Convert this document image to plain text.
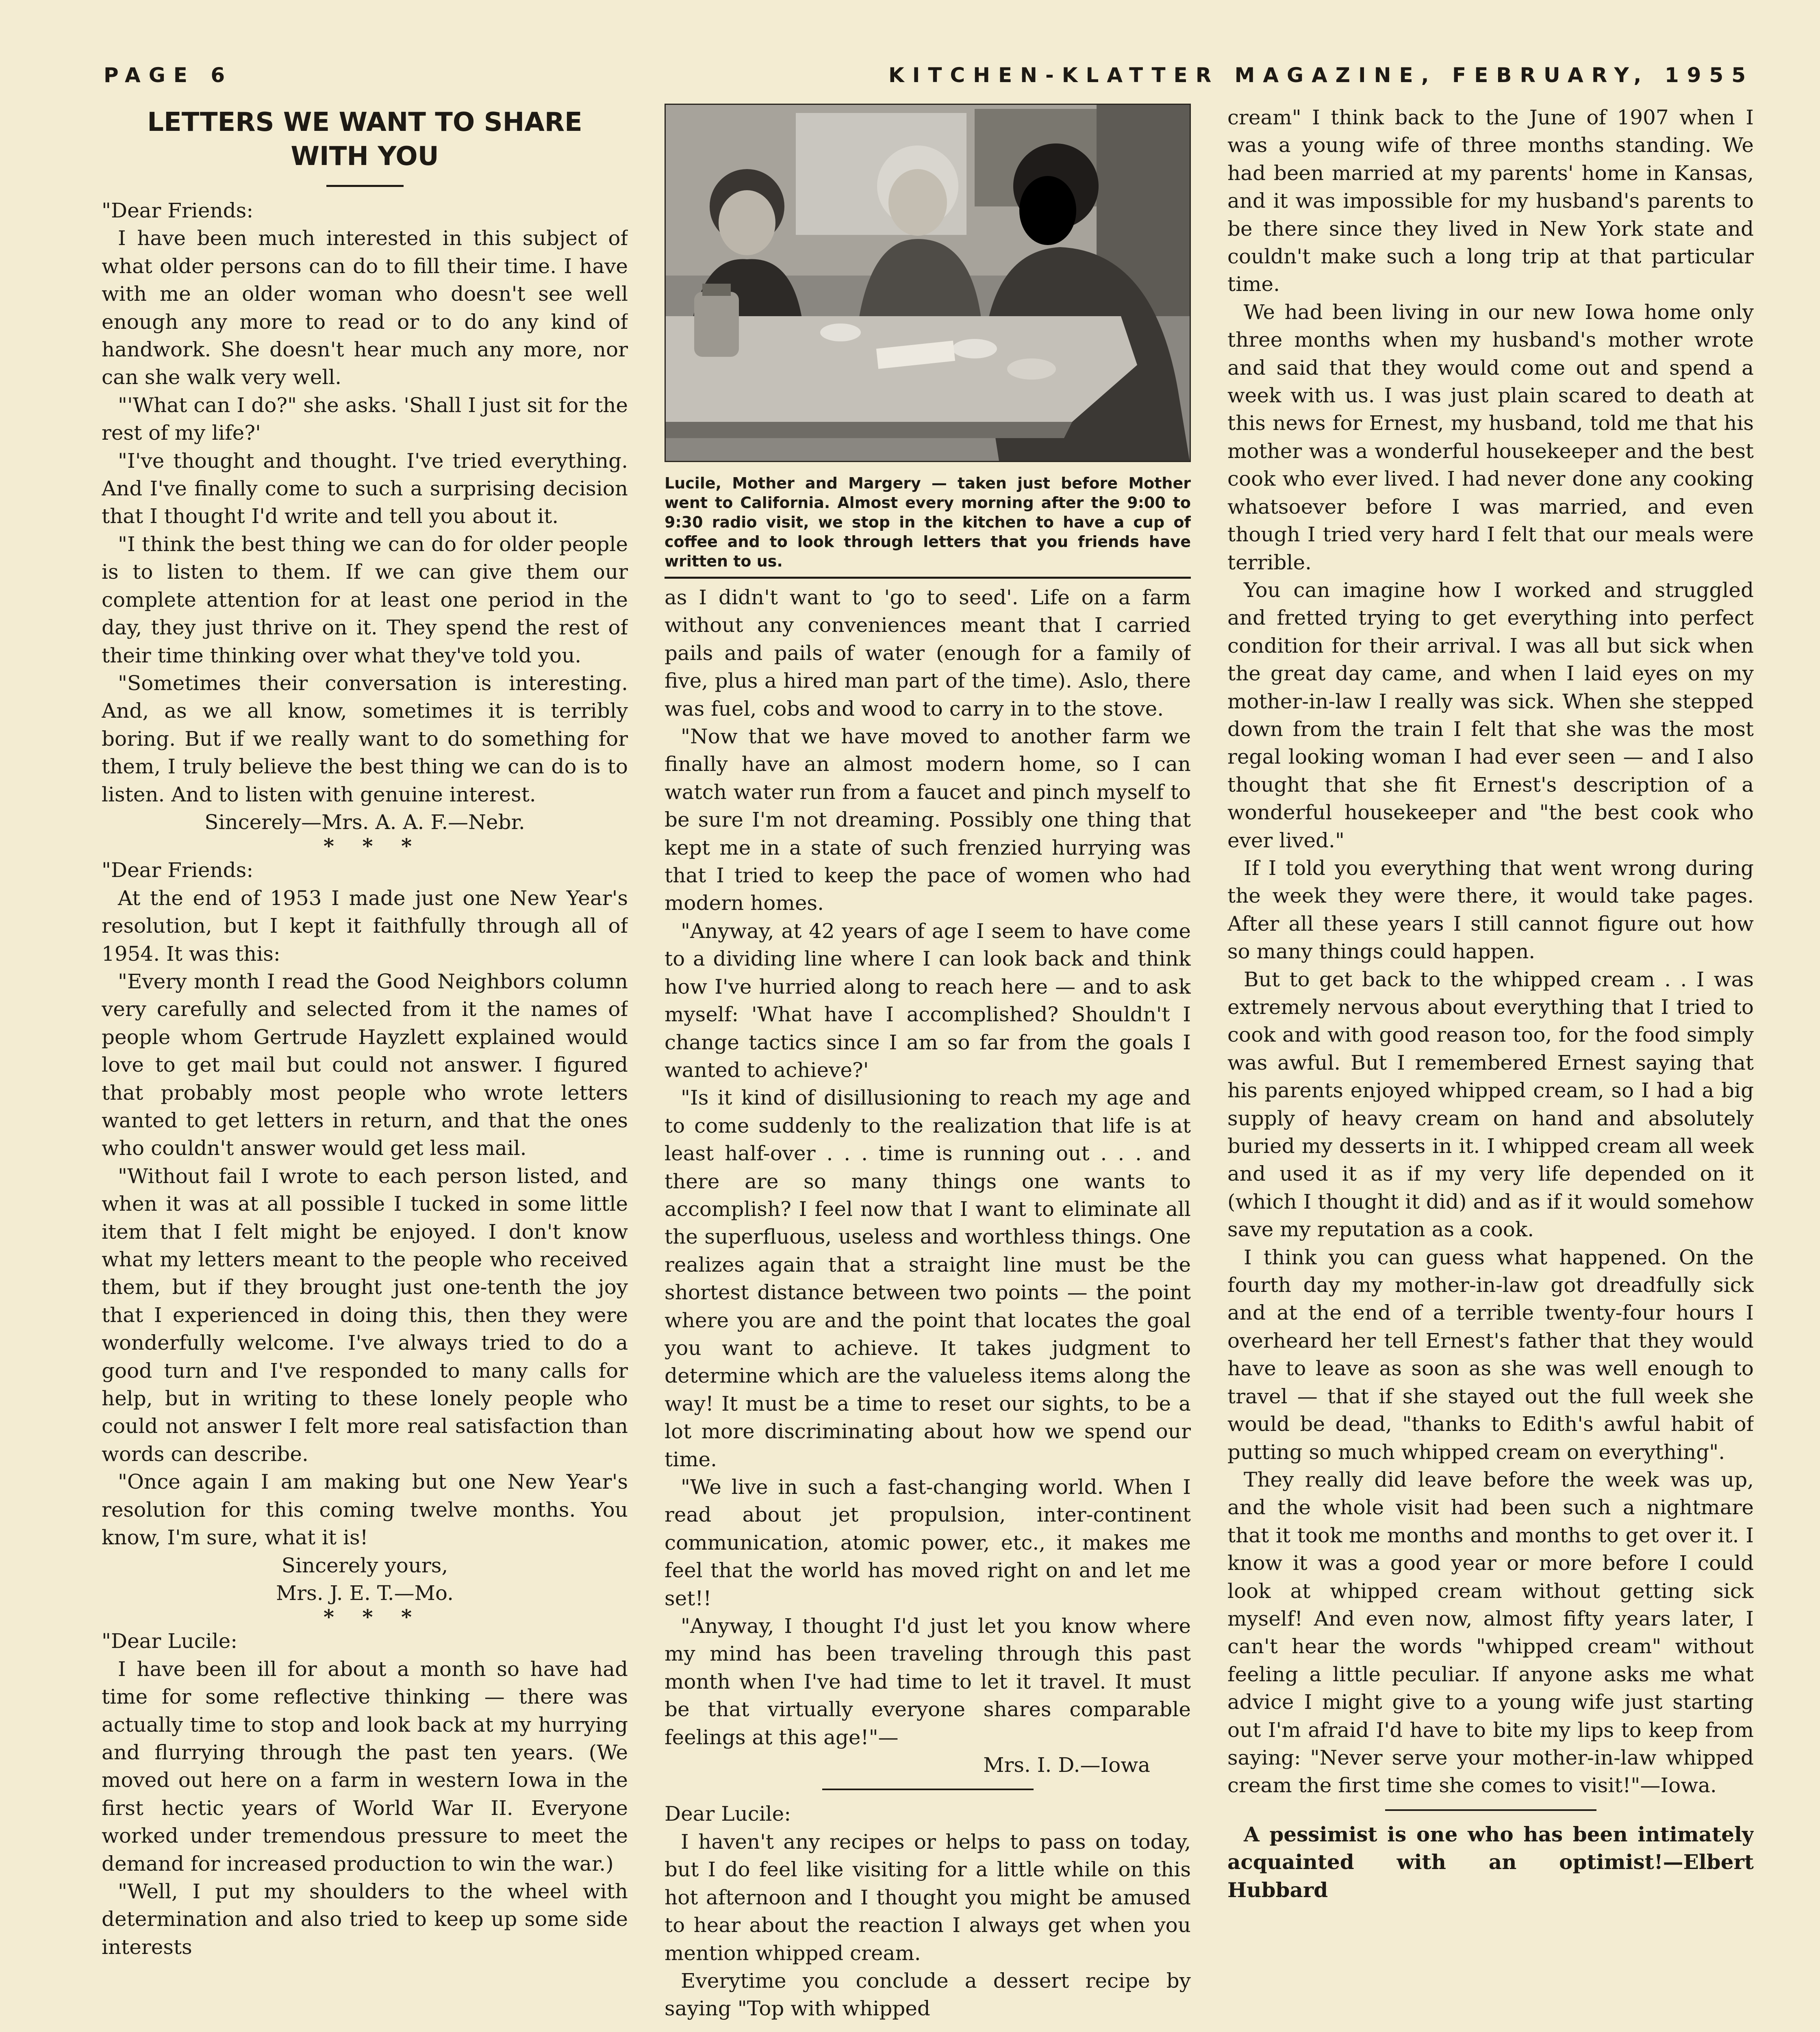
PAGE 6	KITCHEN-KLATTER MAGAZINE, FEBRUARY, 1955
LETTERS WE WANT TO SHARE
WITH YOU

"Dear Friends:

I have been much interested in this subject of what older persons can do to fill their time. I have with me an older woman who doesn't see well enough any more to read or to do any kind of handwork. She doesn't hear much any more, nor can she walk very well.

"'What can I do?" she asks. 'Shall I just sit for the rest of my life?'

"I've thought and thought. I've tried everything. And I've finally come to such a surprising decision that I thought I'd write and tell you about it.

"I think the best thing we can do for older people is to listen to them. If we can give them our complete attention for at least one period in the day, they just thrive on it. They spend the rest of their time thinking over what they've told you.

"Sometimes their conversation is interesting. And, as we all know, sometimes it is terribly boring. But if we really want to do something for them, I truly believe the best thing we can do is to listen. And to listen with genuine interest.

Sincerely—Mrs. A. A. F.—Nebr.

* * *

"Dear Friends:

At the end of 1953 I made just one New Year's resolution, but I kept it faithfully through all of 1954. It was this:

"Every month I read the Good Neighbors column very carefully and selected from it the names of people whom Gertrude Hayzlett explained would love to get mail but could not answer. I figured that probably most people who wrote letters wanted to get letters in return, and that the ones who couldn't answer would get less mail.

"Without fail I wrote to each person listed, and when it was at all possible I tucked in some little item that I felt might be enjoyed. I don't know what my letters meant to the people who received them, but if they brought just one-tenth the joy that I experienced in doing this, then they were wonderfully welcome. I've always tried to do a good turn and I've responded to many calls for help, but in writing to these lonely people who could not answer I felt more real satisfaction than words can describe.

"Once again I am making but one New Year's resolution for this coming twelve months. You know, I'm sure, what it is!

Sincerely yours,

Mrs. J. E. T.—Mo.

* * *

"Dear Lucile:

I have been ill for about a month so have had time for some reflective thinking — there was actually time to stop and look back at my hurrying and flurrying through the past ten years. (We moved out here on a farm in western Iowa in the first hectic years of World War II. Everyone worked under tremendous pressure to meet the demand for increased production to win the war.)

"Well, I put my shoulders to the wheel with determination and also tried to keep up some side interests

Lucile, Mother and Margery — taken just before Mother went to California. Almost every morning after the 9:00 to 9:30 radio visit, we stop in the kitchen to have a cup of coffee and to look through letters that you friends have written to us.

as I didn't want to 'go to seed'. Life on a farm without any conveniences meant that I carried pails and pails of water (enough for a family of five, plus a hired man part of the time). Aslo, there was fuel, cobs and wood to carry in to the stove.

"Now that we have moved to another farm we finally have an almost modern home, so I can watch water run from a faucet and pinch myself to be sure I'm not dreaming. Possibly one thing that kept me in a state of such frenzied hurrying was that I tried to keep the pace of women who had modern homes.

"Anyway, at 42 years of age I seem to have come to a dividing line where I can look back and think how I've hurried along to reach here — and to ask myself: 'What have I accomplished? Shouldn't I change tactics since I am so far from the goals I wanted to achieve?'

"Is it kind of disillusioning to reach my age and to come suddenly to the realization that life is at least half-over . . . time is running out . . . and there are so many things one wants to accomplish? I feel now that I want to eliminate all the superfluous, useless and worthless things. One realizes again that a straight line must be the shortest distance between two points — the point where you are and the point that locates the goal you want to achieve. It takes judgment to determine which are the valueless items along the way! It must be a time to reset our sights, to be a lot more discriminating about how we spend our time.

"We live in such a fast-changing world. When I read about jet propulsion, inter-continent communication, atomic power, etc., it makes me feel that the world has moved right on and let me set!!

"Anyway, I thought I'd just let you know where my mind has been traveling through this past month when I've had time to let it travel. It must be that virtually everyone shares comparable feelings at this age!"—

Mrs. I. D.—Iowa

Dear Lucile:

I haven't any recipes or helps to pass on today, but I do feel like visiting for a little while on this hot afternoon and I thought you might be amused to hear about the reaction I always get when you mention whipped cream.

Everytime you conclude a dessert recipe by saying "Top with whipped

cream" I think back to the June of 1907 when I was a young wife of three months standing. We had been married at my parents' home in Kansas, and it was impossible for my husband's parents to be there since they lived in New York state and couldn't make such a long trip at that particular time.

We had been living in our new Iowa home only three months when my husband's mother wrote and said that they would come out and spend a week with us. I was just plain scared to death at this news for Ernest, my husband, told me that his mother was a wonderful housekeeper and the best cook who ever lived. I had never done any cooking whatsoever before I was married, and even though I tried very hard I felt that our meals were terrible.

You can imagine how I worked and struggled and fretted trying to get everything into perfect condition for their arrival. I was all but sick when the great day came, and when I laid eyes on my mother-in-law I really was sick. When she stepped down from the train I felt that she was the most regal looking woman I had ever seen — and I also thought that she fit Ernest's description of a wonderful housekeeper and "the best cook who ever lived."

If I told you everything that went wrong during the week they were there, it would take pages. After all these years I still cannot figure out how so many things could happen.

But to get back to the whipped cream . . I was extremely nervous about everything that I tried to cook and with good reason too, for the food simply was awful. But I remembered Ernest saying that his parents enjoyed whipped cream, so I had a big supply of heavy cream on hand and absolutely buried my desserts in it. I whipped cream all week and used it as if my very life depended on it (which I thought it did) and as if it would somehow save my reputation as a cook.

I think you can guess what happened. On the fourth day my mother-in-law got dreadfully sick and at the end of a terrible twenty-four hours I overheard her tell Ernest's father that they would have to leave as soon as she was well enough to travel — that if she stayed out the full week she would be dead, "thanks to Edith's awful habit of putting so much whipped cream on everything".

They really did leave before the week was up, and the whole visit had been such a nightmare that it took me months and months to get over it. I know it was a good year or more before I could look at whipped cream without getting sick myself! And even now, almost fifty years later, I can't hear the words "whipped cream" without feeling a little peculiar. If anyone asks me what advice I might give to a young wife just starting out I'm afraid I'd have to bite my lips to keep from saying: "Never serve your mother-in-law whipped cream the first time she comes to visit!"—Iowa.

A pessimist is one who has been intimately acquainted with an optimist!—Elbert Hubbard
